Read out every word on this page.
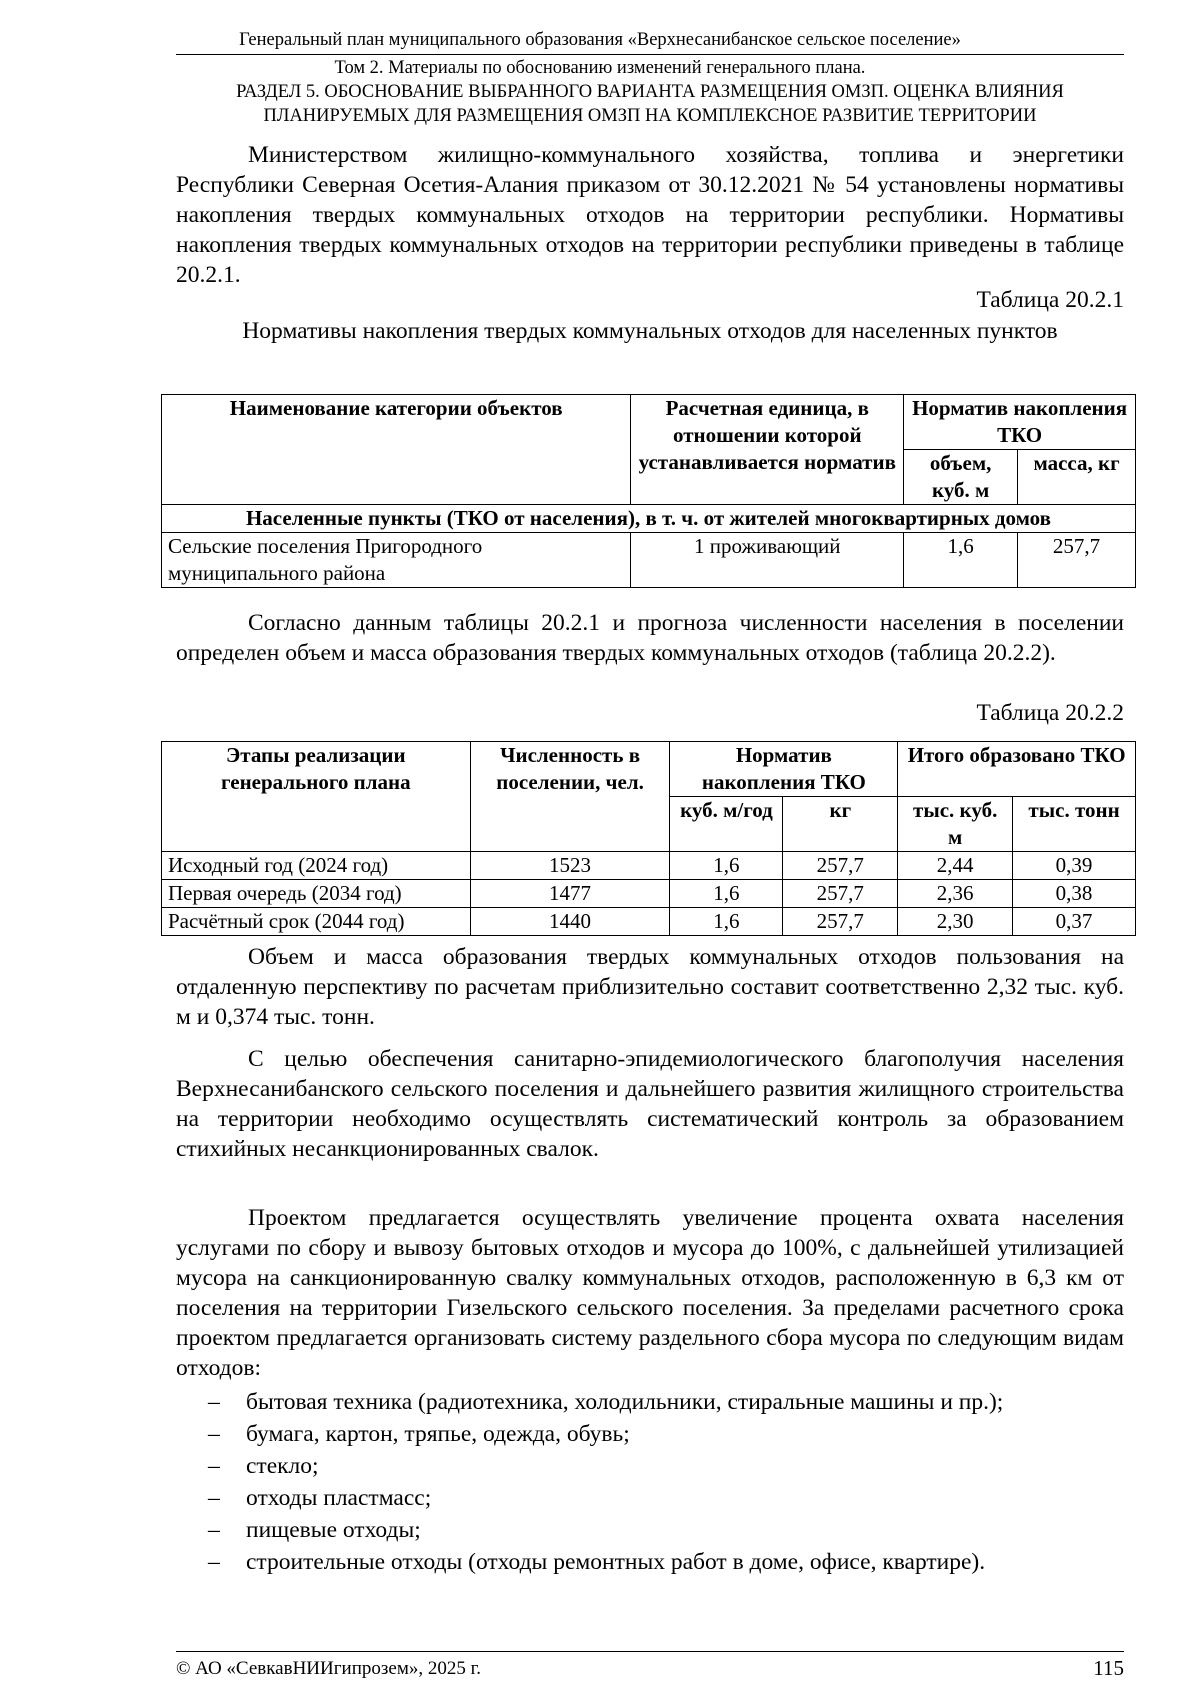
Генеральный план муниципального образования «Верхнесанибанское сельское поселение»
Том 2. Материалы по обоснованию изменений генерального плана.
РАЗДЕЛ 5. ОБОСНОВАНИЕ ВЫБРАННОГО ВАРИАНТА РАЗМЕЩЕНИЯ ОМЗП. ОЦЕНКА ВЛИЯНИЯ ПЛАНИРУЕМЫХ ДЛЯ РАЗМЕЩЕНИЯ ОМЗП НА КОМПЛЕКСНОЕ РАЗВИТИЕ ТЕРРИТОРИИ
Министерством жилищно-коммунального хозяйства, топлива и энергетики Республики Северная Осетия-Алания приказом от 30.12.2021 № 54 установлены нормативы накопления твердых коммунальных отходов на территории республики. Нормативы накопления твердых коммунальных отходов на территории республики приведены в таблице 20.2.1.
Таблица 20.2.1
Нормативы накопления твердых коммунальных отходов для населенных пунктов
Наименование категории объектов	Расчетная единица, в отношении которой устанавливается норматив	Норматив накопления ТКО	
		объем, куб. м	масса, кг
Населенные пункты (ТКО от населения), в т. ч. от жителей многоквартирных домов			
Сельские поселения Пригородного муниципального района	1 проживающий	1,6	257,7
Согласно данным таблицы 20.2.1 и прогноза численности населения в поселении определен объем и масса образования твердых коммунальных отходов (таблица 20.2.2).
Таблица 20.2.2
Этапы реализации генерального плана	Численность в поселении, чел.	Норматив накопления ТКО		Итого образовано ТКО	
		куб. м/год	кг	тыс. куб. м	тыс. тонн
Исходный год (2024 год)	1523	1,6	257,7	2,44	0,39
Первая очередь (2034 год)	1477	1,6	257,7	2,36	0,38
Расчётный срок (2044 год)	1440	1,6	257,7	2,30	0,37
Объем и масса образования твердых коммунальных отходов пользования на отдаленную перспективу по расчетам приблизительно составит соответственно 2,32 тыс. куб. м и 0,374 тыс. тонн.
С целью обеспечения санитарно-эпидемиологического благополучия населения Верхнесанибанского сельского поселения и дальнейшего развития жилищного строительства на территории необходимо осуществлять систематический контроль за образованием стихийных несанкционированных свалок.
Проектом предлагается осуществлять увеличение процента охвата населения услугами по сбору и вывозу бытовых отходов и мусора до 100%, с дальнейшей утилизацией мусора на санкционированную свалку коммунальных отходов, расположенную в 6,3 км от поселения на территории Гизельского сельского поселения. За пределами расчетного срока проектом предлагается организовать систему раздельного сбора мусора по следующим видам отходов:
– бытовая техника (радиотехника, холодильники, стиральные машины и пр.);
– бумага, картон, тряпье, одежда, обувь;
– стекло;
– отходы пластмасс;
– пищевые отходы;
– строительные отходы (отходы ремонтных работ в доме, офисе, квартире).
© АО «СевкавНИИгипрозем», 2025 г.	115
